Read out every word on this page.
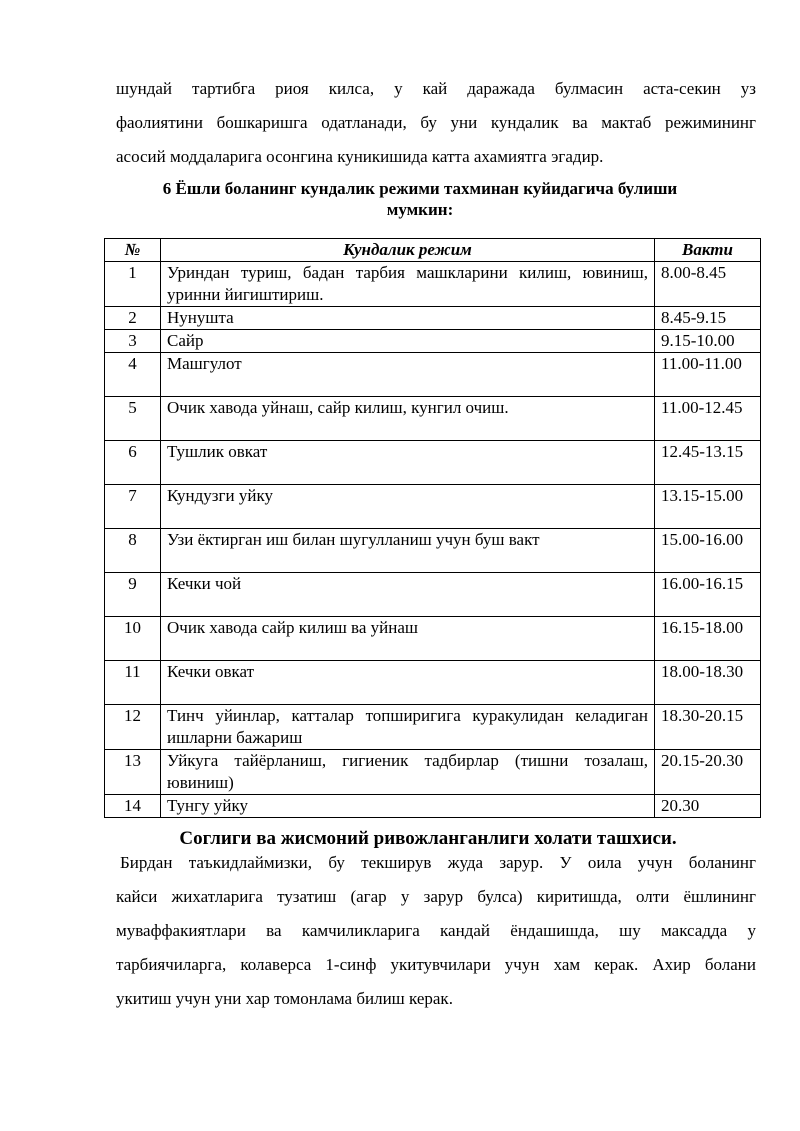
шундай тартибга риоя килса, у кай даражада булмасин аста-секин уз

фаолиятини бошкаришга одатланади, бу уни кундалик ва мактаб режимининг

асосий моддаларига осонгина куникишида катта ахамиятга эгадир.

6 Ёшли боланинг кундалик режими тахминан куйидагича булиши
мумкин:
№	Кундалик режим	Вакти
1	Уриндан туриш, бадан тарбия машкларини килиш, ювиниш, уринни йигиштириш.	8.00-8.45
2	Нунушта	8.45-9.15
3	Сайр	9.15-10.00
4	Машгулот	11.00-11.00
5	Очик хавода уйнаш, сайр килиш, кунгил очиш.	11.00-12.45
6	Тушлик овкат	12.45-13.15
7	Кундузги уйку	13.15-15.00
8	Узи ёктирган иш билан шугулланиш учун буш вакт	15.00-16.00
9	Кечки чой	16.00-16.15
10	Очик хавода сайр килиш ва уйнаш	16.15-18.00
11	Кечки овкат	18.00-18.30
12	Тинч уйинлар, катталар топширигига куракулидан келадиган ишларни бажариш	18.30-20.15
13	Уйкуга тайёрланиш, гигиеник тадбирлар (тишни тозалаш, ювиниш)	20.15-20.30
14	Тунгу уйку	20.30
Соглиги ва жисмоний ривожланганлиги холати ташхиси.

Бирдан таъкидлаймизки, бу текширув жуда зарур. У оила учун боланинг

кайси жихатларига тузатиш (агар у зарур булса) киритишда, олти ёшлининг

муваффакиятлари ва камчиликларига кандай ёндашишда, шу максадда у

тарбиячиларга, колаверса 1-синф укитувчилари учун хам керак. Ахир болани

укитиш учун уни хар томонлама билиш керак.
